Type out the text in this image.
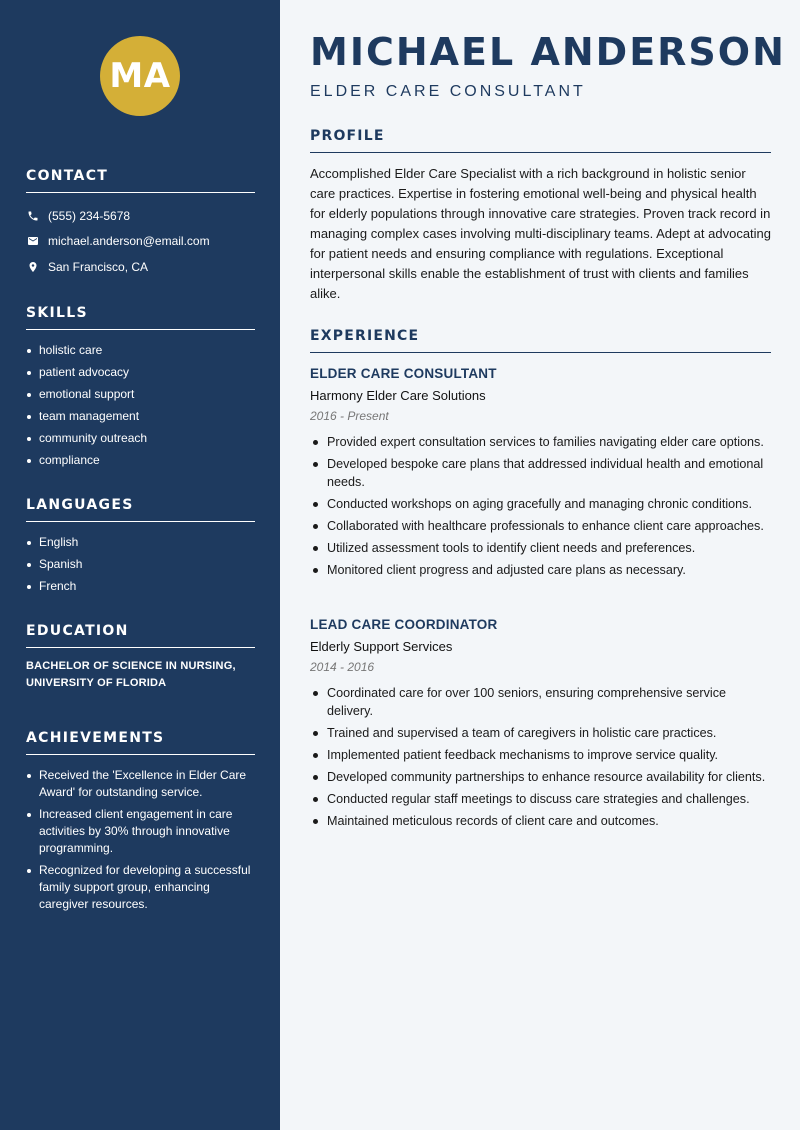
MA
CONTACT
(555) 234-5678
michael.anderson@email.com
San Francisco, CA
SKILLS
holistic care
patient advocacy
emotional support
team management
community outreach
compliance
LANGUAGES
English
Spanish
French
EDUCATION
BACHELOR OF SCIENCE IN NURSING, UNIVERSITY OF FLORIDA
ACHIEVEMENTS
Received the 'Excellence in Elder Care Award' for outstanding service.
Increased client engagement in care activities by 30% through innovative programming.
Recognized for developing a successful family support group, enhancing caregiver resources.
MICHAEL ANDERSON
ELDER CARE CONSULTANT
PROFILE

Accomplished Elder Care Specialist with a rich background in holistic senior care practices. Expertise in fostering emotional well-being and physical health for elderly populations through innovative care strategies. Proven track record in managing complex cases involving multi-disciplinary teams. Adept at advocating for patient needs and ensuring compliance with regulations. Exceptional interpersonal skills enable the establishment of trust with clients and families alike.

EXPERIENCE
ELDER CARE CONSULTANT
Harmony Elder Care Solutions
2016 - Present
Provided expert consultation services to families navigating elder care options.
Developed bespoke care plans that addressed individual health and emotional needs.
Conducted workshops on aging gracefully and managing chronic conditions.
Collaborated with healthcare professionals to enhance client care approaches.
Utilized assessment tools to identify client needs and preferences.
Monitored client progress and adjusted care plans as necessary.
LEAD CARE COORDINATOR
Elderly Support Services
2014 - 2016
Coordinated care for over 100 seniors, ensuring comprehensive service delivery.
Trained and supervised a team of caregivers in holistic care practices.
Implemented patient feedback mechanisms to improve service quality.
Developed community partnerships to enhance resource availability for clients.
Conducted regular staff meetings to discuss care strategies and challenges.
Maintained meticulous records of client care and outcomes.
